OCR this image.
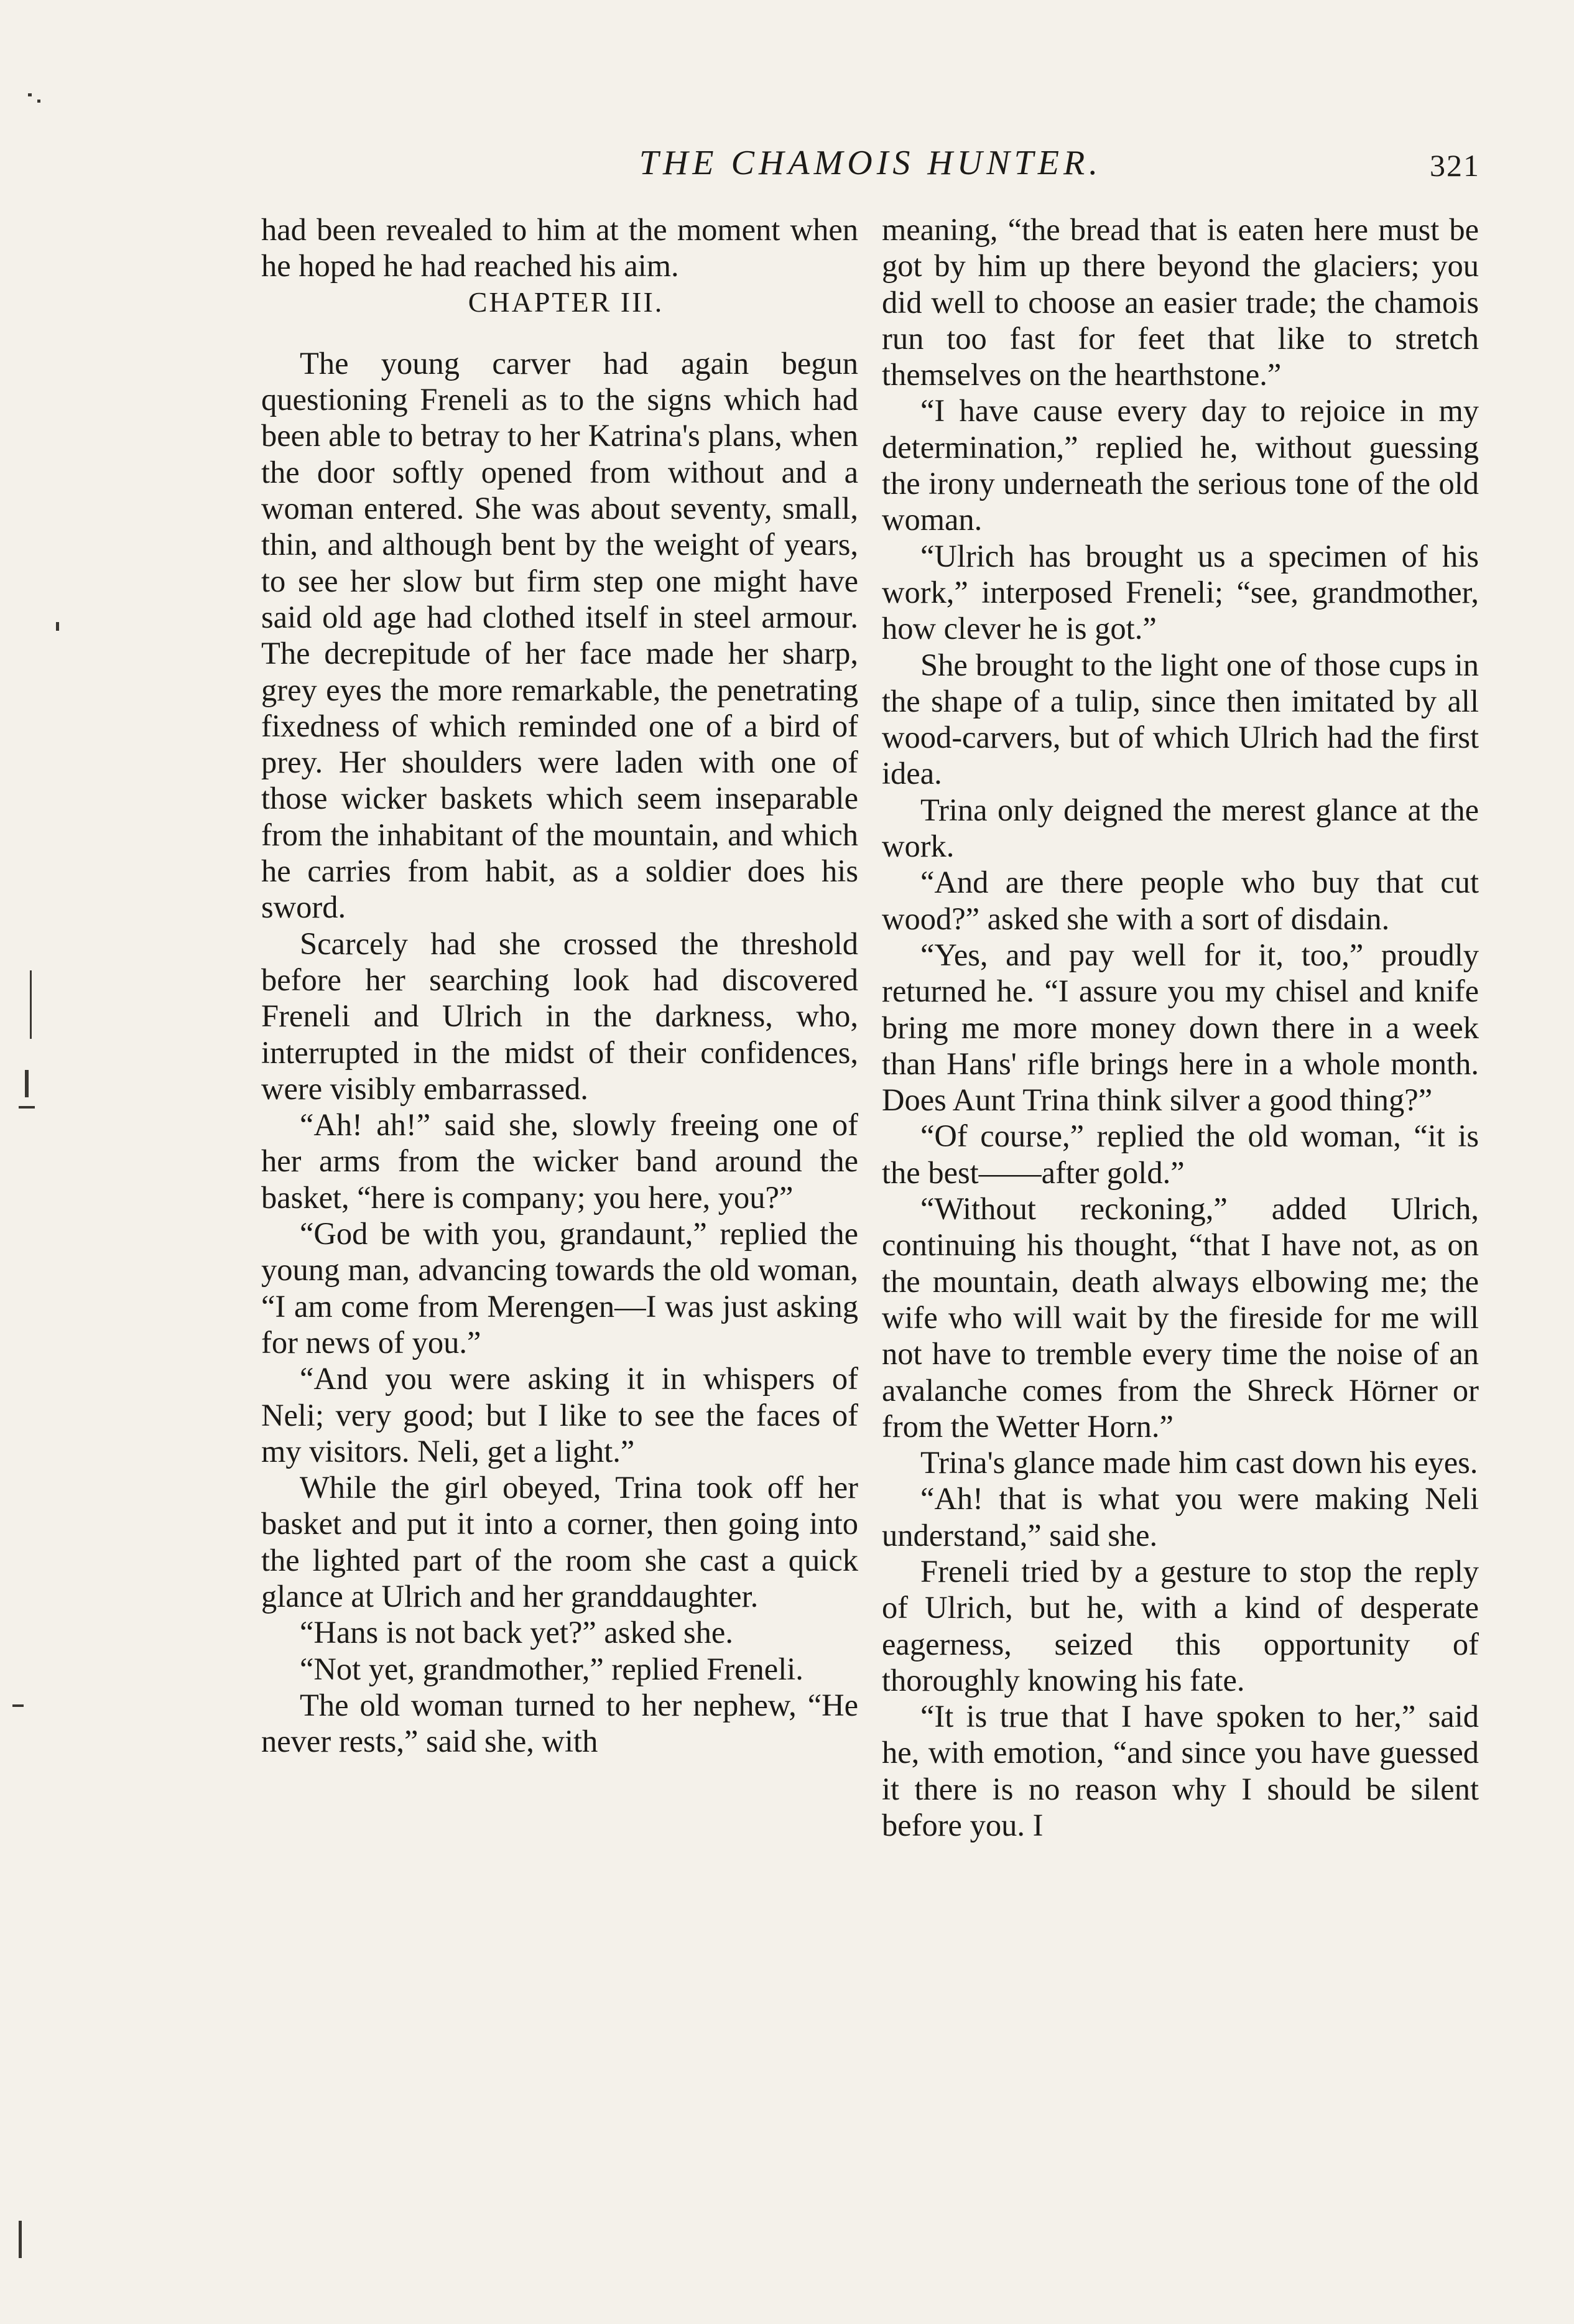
THE CHAMOIS HUNTER.	321

had been revealed to him at the moment when he hoped he had reached his aim.

CHAPTER III.

The young carver had again begun questioning Freneli as to the signs which had been able to betray to her Katrina's plans, when the door softly opened from without and a woman entered. She was about seventy, small, thin, and although bent by the weight of years, to see her slow but firm step one might have said old age had clothed itself in steel armour. The decrepitude of her face made her sharp, grey eyes the more remarkable, the penetrating fixedness of which reminded one of a bird of prey. Her shoulders were laden with one of those wicker baskets which seem inseparable from the inhabitant of the mountain, and which he carries from habit, as a soldier does his sword.

Scarcely had she crossed the threshold before her searching look had discovered Freneli and Ulrich in the darkness, who, interrupted in the midst of their confidences, were visibly embarrassed.

“Ah! ah!” said she, slowly freeing one of her arms from the wicker band around the basket, “here is company; you here, you?”

“God be with you, grandaunt,” replied the young man, advancing towards the old woman, “I am come from Merengen—I was just asking for news of you.”

“And you were asking it in whispers of Neli; very good; but I like to see the faces of my visitors. Neli, get a light.”

While the girl obeyed, Trina took off her basket and put it into a corner, then going into the lighted part of the room she cast a quick glance at Ulrich and her granddaughter.

“Hans is not back yet?” asked she.

“Not yet, grandmother,” replied Freneli.

The old woman turned to her nephew, “He never rests,” said she, with

meaning, “the bread that is eaten here must be got by him up there beyond the glaciers; you did well to choose an easier trade; the chamois run too fast for feet that like to stretch themselves on the hearthstone.”

“I have cause every day to rejoice in my determination,” replied he, without guessing the irony underneath the serious tone of the old woman.

“Ulrich has brought us a specimen of his work,” interposed Freneli; “see, grandmother, how clever he is got.”

She brought to the light one of those cups in the shape of a tulip, since then imitated by all wood-carvers, but of which Ulrich had the first idea.

Trina only deigned the merest glance at the work.

“And are there people who buy that cut wood?” asked she with a sort of disdain.

“Yes, and pay well for it, too,” proudly returned he. “I assure you my chisel and knife bring me more money down there in a week than Hans' rifle brings here in a whole month. Does Aunt Trina think silver a good thing?”

“Of course,” replied the old woman, “it is the best——after gold.”

“Without reckoning,” added Ulrich, continuing his thought, “that I have not, as on the mountain, death always elbowing me; the wife who will wait by the fireside for me will not have to tremble every time the noise of an avalanche comes from the Shreck Hörner or from the Wetter Horn.”

Trina's glance made him cast down his eyes.

“Ah! that is what you were making Neli understand,” said she.

Freneli tried by a gesture to stop the reply of Ulrich, but he, with a kind of desperate eagerness, seized this opportunity of thoroughly knowing his fate.

“It is true that I have spoken to her,” said he, with emotion, “and since you have guessed it there is no reason why I should be silent before you. I
